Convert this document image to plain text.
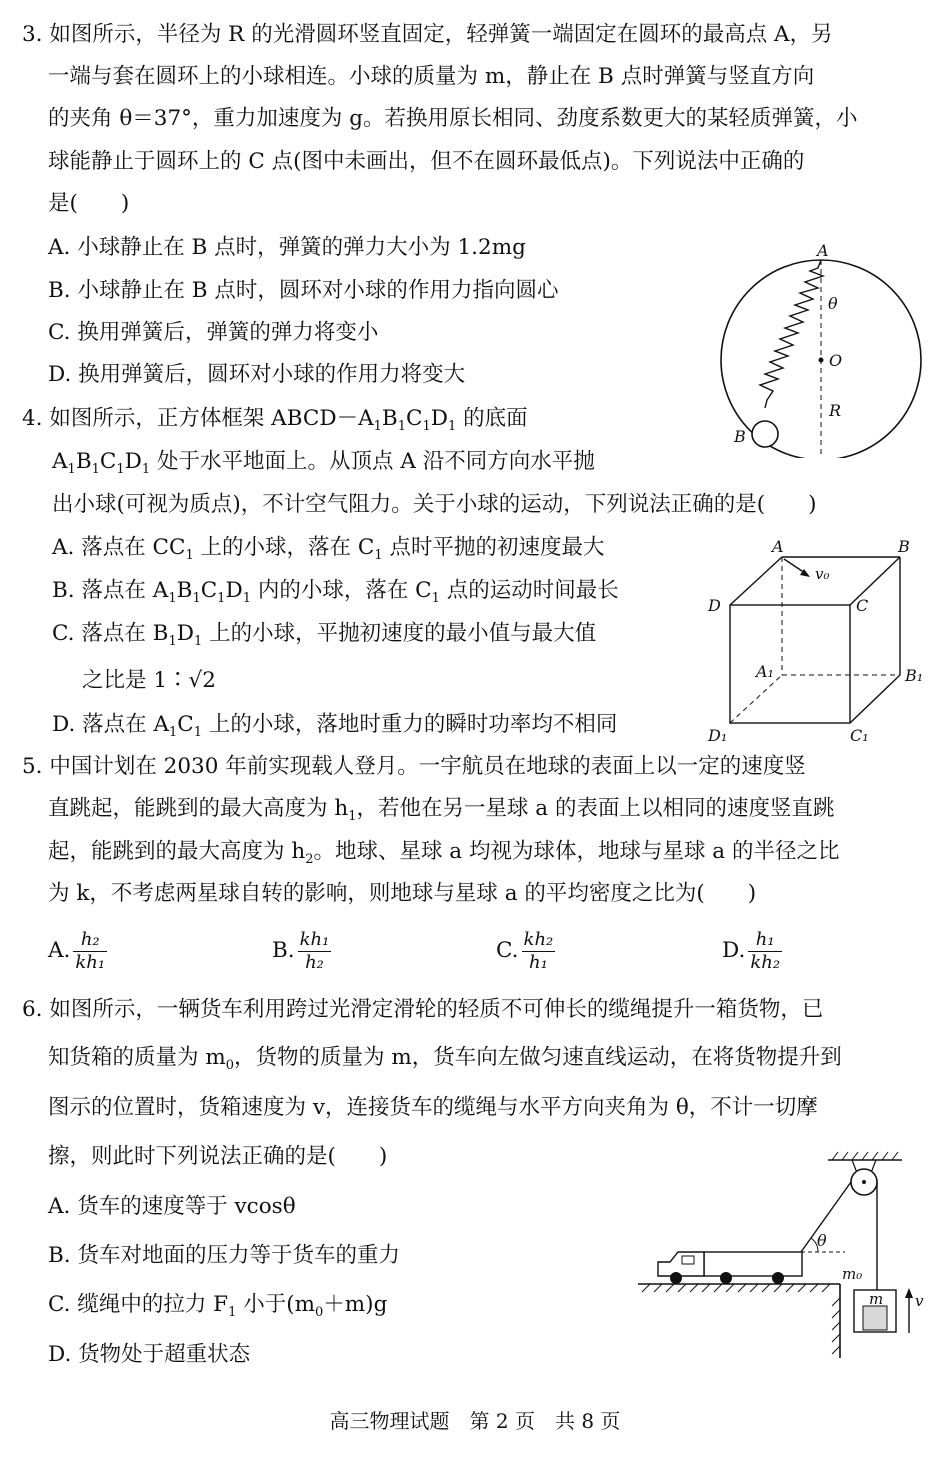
3. 如图所示，半径为 R 的光滑圆环竖直固定，轻弹簧一端固定在圆环的最高点 A，另
一端与套在圆环上的小球相连。小球的质量为 m，静止在 B 点时弹簧与竖直方向
的夹角 θ＝37°，重力加速度为 g。若换用原长相同、劲度系数更大的某轻质弹簧，小
球能静止于圆环上的 C 点(图中未画出，但不在圆环最低点)。下列说法中正确的
是(　　)
A. 小球静止在 B 点时，弹簧的弹力大小为 1.2mg
B. 小球静止在 B 点时，圆环对小球的作用力指向圆心
C. 换用弹簧后，弹簧的弹力将变小
D. 换用弹簧后，圆环对小球的作用力将变大
A
θ
O
R
B
4. 如图所示，正方体框架 $ABCD-A_1B_1C_1D_1$ 的底面
$A_1B_1C_1D_1$ 处于水平地面上。从顶点 A 沿不同方向水平抛
出小球(可视为质点)，不计空气阻力。关于小球的运动，下列说法正确的是(　　)
A. 落点在 $CC_1$ 上的小球，落在 $C_1$ 点时平抛的初速度最大
B. 落点在 $A_1B_1C_1D_1$ 内的小球，落在 $C_1$ 点的运动时间最长
C. 落点在 $B_1D_1$ 上的小球，平抛初速度的最小值与最大值
之比是 1∶√2
D. 落点在 $A_1C_1$ 上的小球，落地时重力的瞬时功率均不相同
A	B
v₀
D	C
A₁	B₁
D₁	C₁
5. 中国计划在 2030 年前实现载人登月。一宇航员在地球的表面上以一定的速度竖
直跳起，能跳到的最大高度为 $h_1$，若他在另一星球 a 的表面上以相同的速度竖直跳
起，能跳到的最大高度为 $h_2$。地球、星球 a 均视为球体，地球与星球 a 的半径之比
为 k，不考虑两星球自转的影响，则地球与星球 a 的平均密度之比为(　　)
A. $\frac{\text{h₂}}{\text{kh₁}}$	B. $\frac{\text{kh₁}}{\text{h₂}}$	C. $\frac{\text{kh₂}}{\text{h₁}}$	D. $\frac{\text{h₁}}{\text{kh₂}}$
6. 如图所示，一辆货车利用跨过光滑定滑轮的轻质不可伸长的缆绳提升一箱货物，已
知货箱的质量为 $m_0$，货物的质量为 m，货车向左做匀速直线运动，在将货物提升到
图示的位置时，货箱速度为 v，连接货车的缆绳与水平方向夹角为 θ，不计一切摩
擦，则此时下列说法正确的是(　　)
A. 货车的速度等于 vcosθ
B. 货车对地面的压力等于货车的重力
C. 缆绳中的拉力 $F_1$ 小于$(m_0+m)g$
D. 货物处于超重状态
θ
m₀
m v
高三物理试题　第 2 页　共 8 页
